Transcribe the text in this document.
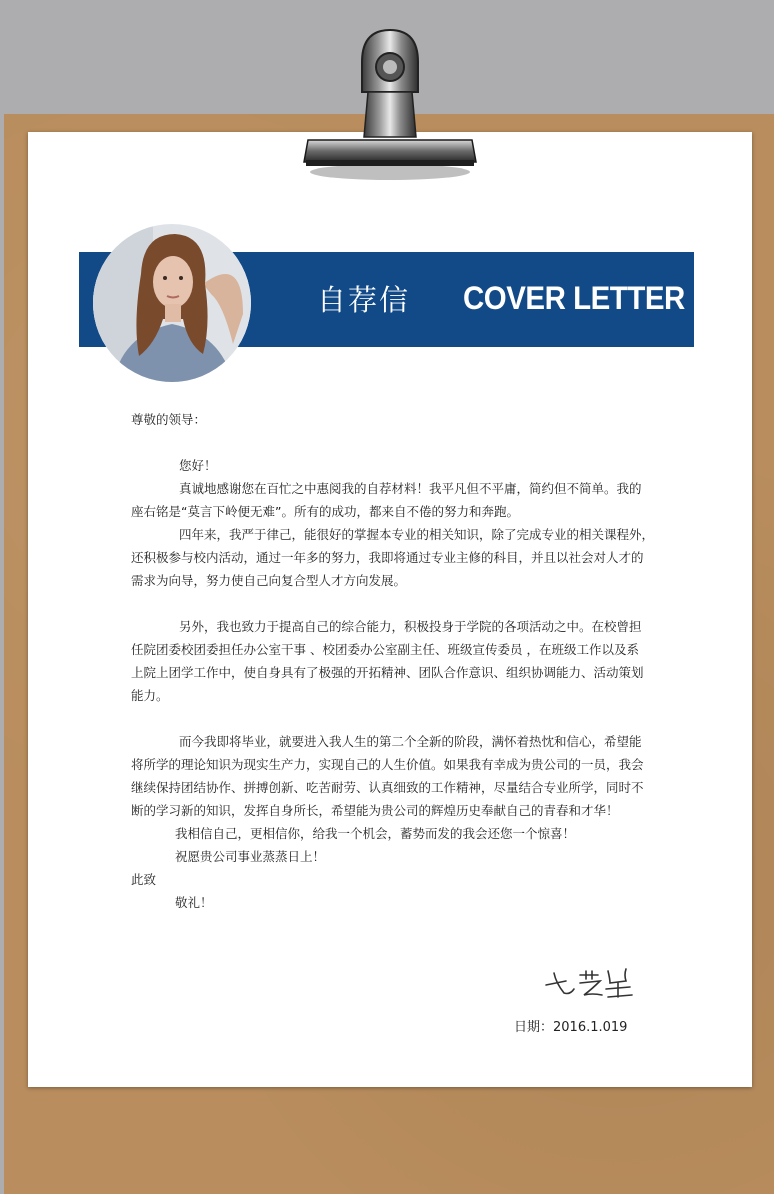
自荐信 COVER LETTER
尊敬的领导：
您好！
真诚地感谢您在百忙之中惠阅我的自荐材料！我平凡但不平庸，简约但不简单。我的
座右铭是“莫言下岭便无难”。所有的成功，都来自不倦的努力和奔跑。
四年来，我严于律己，能很好的掌握本专业的相关知识，除了完成专业的相关课程外，
还积极参与校内活动，通过一年多的努力，我即将通过专业主修的科目，并且以社会对人才的
需求为向导，努力使自己向复合型人才方向发展。
另外，我也致力于提高自己的综合能力，积极投身于学院的各项活动之中。在校曾担
任院团委校团委担任办公室干事 、校团委办公室副主任、班级宣传委员 ，在班级工作以及系
上院上团学工作中，使自身具有了极强的开拓精神、团队合作意识、组织协调能力、活动策划
能力。
而今我即将毕业，就要进入我人生的第二个全新的阶段，满怀着热忱和信心，希望能
将所学的理论知识为现实生产力，实现自己的人生价值。如果我有幸成为贵公司的一员，我会
继续保持团结协作、拼搏创新、吃苦耐劳、认真细致的工作精神，尽量结合专业所学，同时不
断的学习新的知识，发挥自身所长，希望能为贵公司的辉煌历史奉献自己的青春和才华！
我相信自己，更相信你，给我一个机会，蓄势而发的我会还您一个惊喜！
祝愿贵公司事业蒸蒸日上！
此致
敬礼！
日期：2016.1.019
